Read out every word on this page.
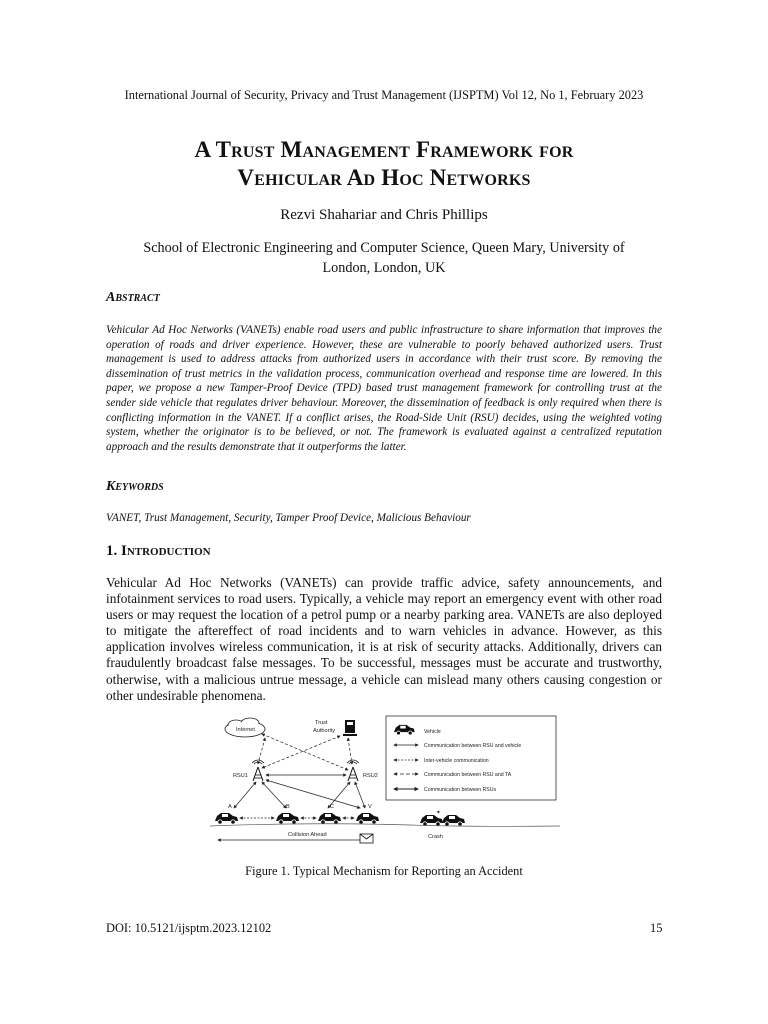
International Journal of Security, Privacy and Trust Management (IJSPTM) Vol 12, No 1, February 2023
A Trust Management Framework for
Vehicular Ad Hoc Networks
Rezvi Shahariar and Chris Phillips
School of Electronic Engineering and Computer Science, Queen Mary, University of
London, London, UK
Abstract
Vehicular Ad Hoc Networks (VANETs) enable road users and public infrastructure to share information that improves the operation of roads and driver experience. However, these are vulnerable to poorly behaved authorized users. Trust management is used to address attacks from authorized users in accordance with their trust score. By removing the dissemination of trust metrics in the validation process, communication overhead and response time are lowered. In this paper, we propose a new Tamper-Proof Device (TPD) based trust management framework for controlling trust at the sender side vehicle that regulates driver behaviour. Moreover, the dissemination of feedback is only required when there is conflicting information in the VANET. If a conflict arises, the Road-Side Unit (RSU) decides, using the weighted voting system, whether the originator is to be believed, or not. The framework is evaluated against a centralized reputation approach and the results demonstrate that it outperforms the latter.
Keywords
VANET, Trust Management, Security, Tamper Proof Device, Malicious Behaviour
1. Introduction
Vehicular Ad Hoc Networks (VANETs) can provide traffic advice, safety announcements, and infotainment services to road users. Typically, a vehicle may report an emergency event with other road users or may request the location of a petrol pump or a nearby parking area. VANETs are also deployed to mitigate the aftereffect of road incidents and to warn vehicles in advance. However, as this application involves wireless communication, it is at risk of security attacks. Additionally, drivers can fraudulently broadcast false messages. To be successful, messages must be accurate and trustworthy, otherwise, with a malicious untrue message, a vehicle can mislead many others causing congestion or other undesirable phenomena.
Internet
Trust
Authority
RSU1	RSU2
A	B	C	V
✶
Collision Ahead	Crash
Vehicle
Communication between RSU and vehicle
Inter-vehicle communication
Communication between RSU and TA
Communication between RSUs
Figure 1. Typical Mechanism for Reporting an Accident
DOI: 10.5121/ijsptm.2023.12102	15
